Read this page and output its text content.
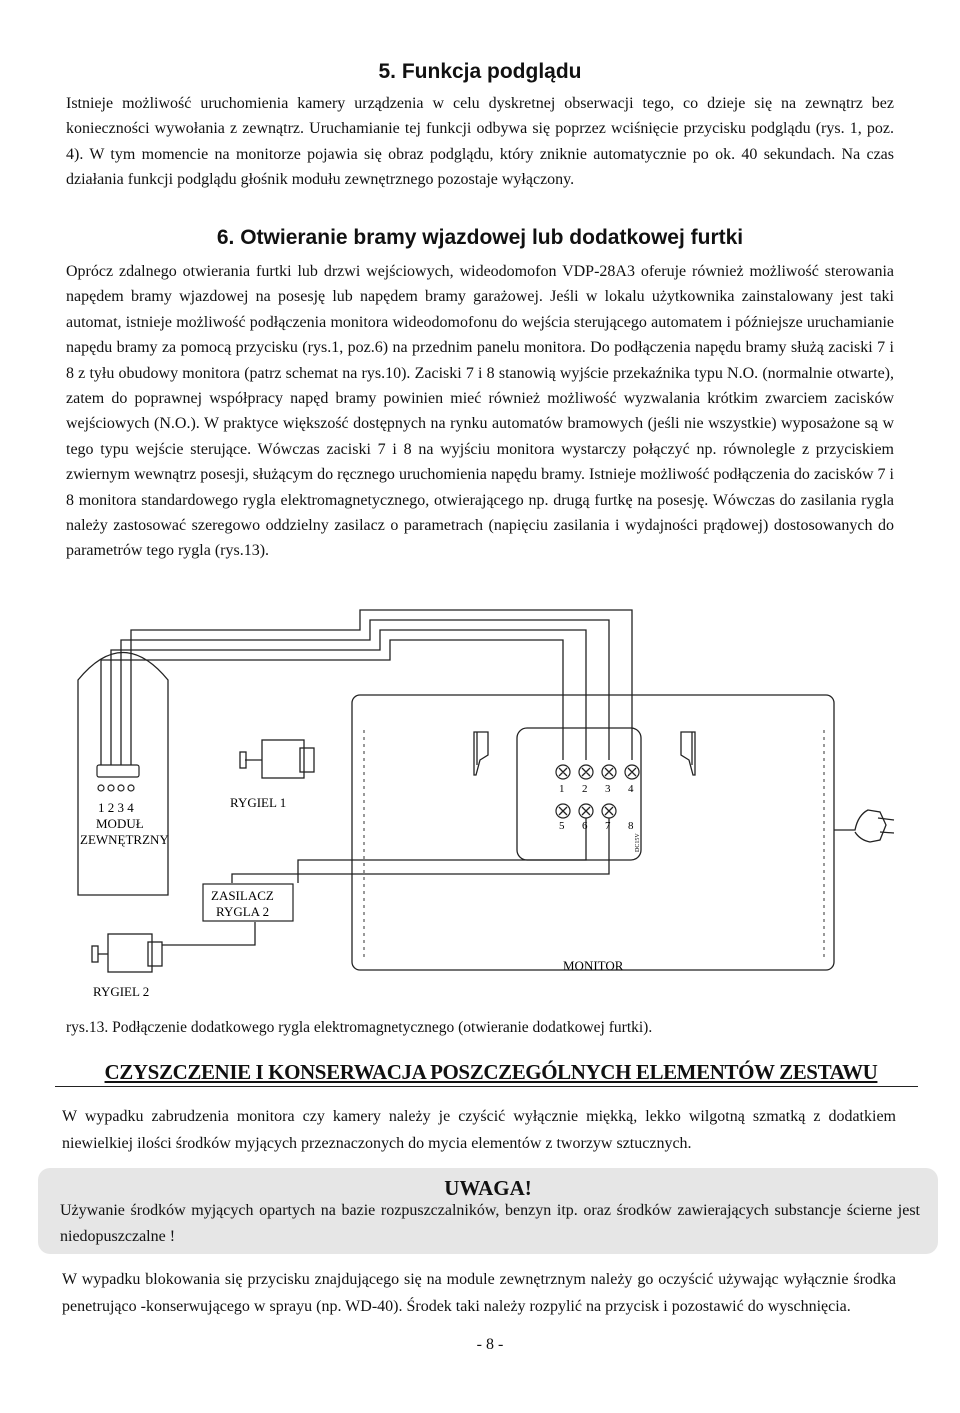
5. Funkcja podglądu
Istnieje możliwość uruchomienia kamery urządzenia w celu dyskretnej obserwacji tego, co dzieje się na zewnątrz bez konieczności wywołania z zewnątrz. Uruchamianie tej funkcji odbywa się poprzez wciśnięcie przycisku podglądu (rys. 1, poz. 4). W tym momencie na monitorze pojawia się obraz podglądu, który zniknie automatycznie po ok. 40 sekundach. Na czas działania funkcji podglądu głośnik modułu zewnętrznego pozostaje wyłączony.
6. Otwieranie bramy wjazdowej lub dodatkowej furtki
Oprócz zdalnego otwierania furtki lub drzwi wejściowych, wideodomofon VDP-28A3 oferuje również możliwość sterowania napędem bramy wjazdowej na posesję lub napędem bramy garażowej. Jeśli w lokalu użytkownika zainstalowany jest taki automat, istnieje możliwość podłączenia monitora wideodomofonu do wejścia sterującego automatem i późniejsze uruchamianie napędu bramy za pomocą przycisku (rys.1, poz.6) na przednim panelu monitora. Do podłączenia napędu bramy służą zaciski 7 i 8 z tyłu obudowy monitora (patrz schemat na rys.10). Zaciski 7 i 8 stanowią wyjście przekaźnika typu N.O. (normalnie otwarte), zatem do poprawnej współpracy napęd bramy powinien mieć również możliwość wyzwalania krótkim zwarciem zacisków wejściowych (N.O.). W praktyce większość dostępnych na rynku automatów bramowych (jeśli nie wszystkie) wyposażone są w tego typu wejście sterujące. Wówczas zaciski 7 i 8 na wyjściu monitora wystarczy połączyć np. równolegle z przyciskiem zwiernym wewnątrz posesji, służącym do ręcznego uruchomienia napędu bramy. Istnieje możliwość podłączenia do zacisków 7 i 8 monitora standardowego rygla elektromagnetycznego, otwierającego np. drugą furtkę na posesję. Wówczas do zasilania rygla należy zastosować szeregowo oddzielny zasilacz o parametrach (napięciu zasilania i wydajności prądowej) dostosowanych do parametrów tego rygla (rys.13).
1 2 3 4
MODUŁ
ZEWNĘTRZNY
RYGIEL 1
ZASILACZ
RYGLA 2
RYGIEL 2
MONITOR
1 2 3 4
5 6 7 8
DC15V
rys.13. Podłączenie dodatkowego rygla elektromagnetycznego (otwieranie dodatkowej furtki).
CZYSZCZENIE I KONSERWACJA POSZCZEGÓLNYCH ELEMENTÓW ZESTAWU
W wypadku zabrudzenia monitora czy kamery należy je czyścić wyłącznie miękką, lekko wilgotną szmatką z dodatkiem niewielkiej ilości środków myjących przeznaczonych do mycia elementów z tworzyw sztucznych.
UWAGA!
Używanie środków myjących opartych na bazie rozpuszczalników, benzyn itp. oraz środków zawierających substancje ścierne jest niedopuszczalne !
W wypadku blokowania się przycisku znajdującego się na module zewnętrznym należy go oczyścić używając wyłącznie środka penetrująco -konserwującego w sprayu (np. WD-40). Środek taki należy rozpylić na przycisk i pozostawić do wyschnięcia.
- 8 -
